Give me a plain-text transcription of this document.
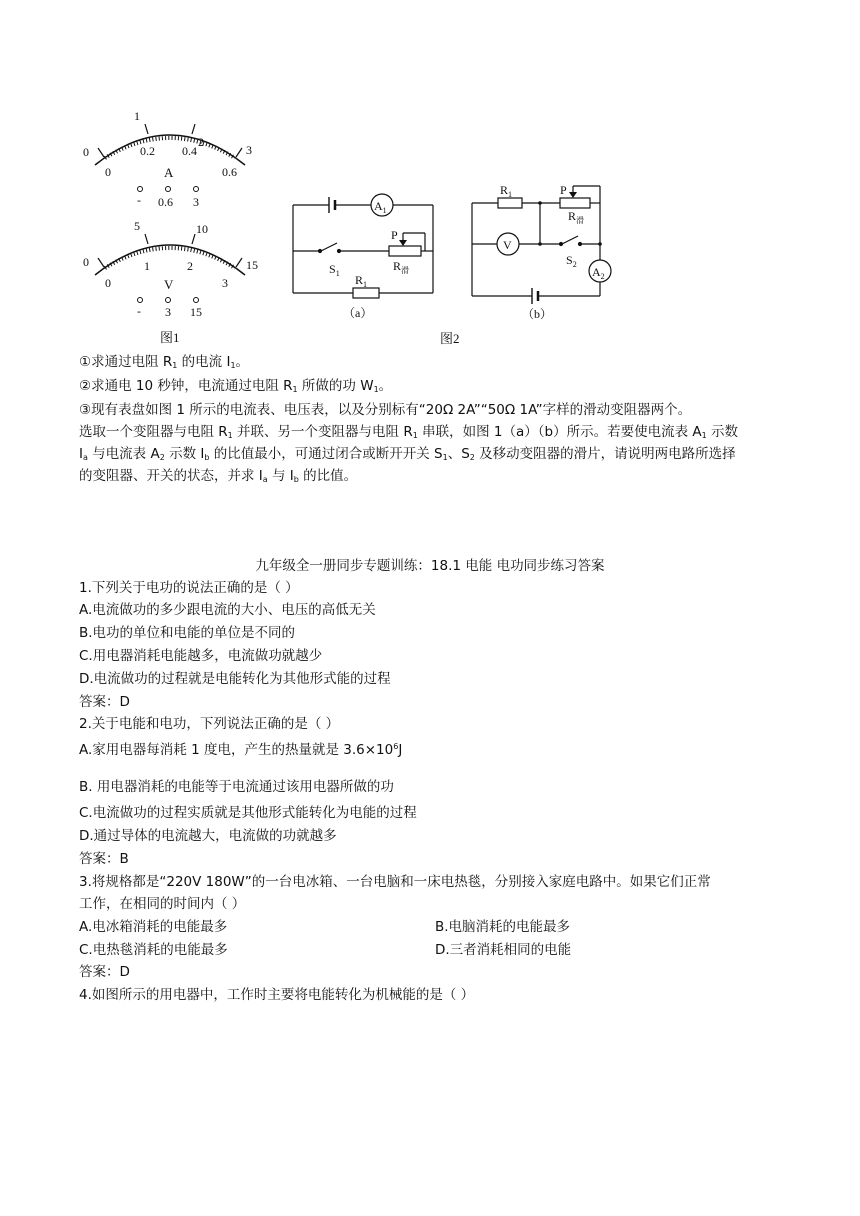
0
1
2
3
0
0.2 0.4
0.6
A
- 0.6 3
0
5	10
15
0
1	2
3
V
- 3 15
图1
$A_1$
$S_1$
P
$R_滑$
$R_1$
（a）
$R_1$	P
$R_滑$
V
$S_2$
$A_2$
（b）
图2
①求通过电阻 $R_1$ 的电流 $I_1$。
②求通电 10 秒钟，电流通过电阻 $R_1$ 所做的功 $W_1$。
③现有表盘如图 1 所示的电流表、电压表，以及分别标有“20Ω 2A”“50Ω 1A”字样的滑动变阻器两个。
选取一个变阻器与电阻 $R_1$ 并联、另一个变阻器与电阻 $R_1$ 串联，如图 1（a）（b）所示。若要使电流表 $A_1$ 示数
$I_a$ 与电流表 $A_2$ 示数 $I_b$ 的比值最小，可通过闭合或断开开关 $S_1$、$S_2$ 及移动变阻器的滑片，请说明两电路所选择
的变阻器、开关的状态，并求 $I_a$ 与 $I_b$ 的比值。
九年级全一册同步专题训练：18.1 电能 电功同步练习答案
1.下列关于电功的说法正确的是（ ）
A.电流做功的多少跟电流的大小、电压的高低无关
B.电功的单位和电能的单位是不同的
C.用电器消耗电能越多，电流做功就越少
D.电流做功的过程就是电能转化为其他形式能的过程
答案：D
2.关于电能和电功，下列说法正确的是（ ）
A.家用电器每消耗 1 度电，产生的热量就是 $3.6\times 10^6J$
B. 用电器消耗的电能等于电流通过该用电器所做的功
C.电流做功的过程实质就是其他形式能转化为电能的过程
D.通过导体的电流越大，电流做的功就越多
答案：B
3.将规格都是“220V 180W”的一台电冰箱、一台电脑和一床电热毯，分别接入家庭电路中。如果它们正常
工作，在相同的时间内（ ）
A.电冰箱消耗的电能最多	B.电脑消耗的电能最多
C.电热毯消耗的电能最多	D.三者消耗相同的电能
答案：D
4.如图所示的用电器中，工作时主要将电能转化为机械能的是（ ）
